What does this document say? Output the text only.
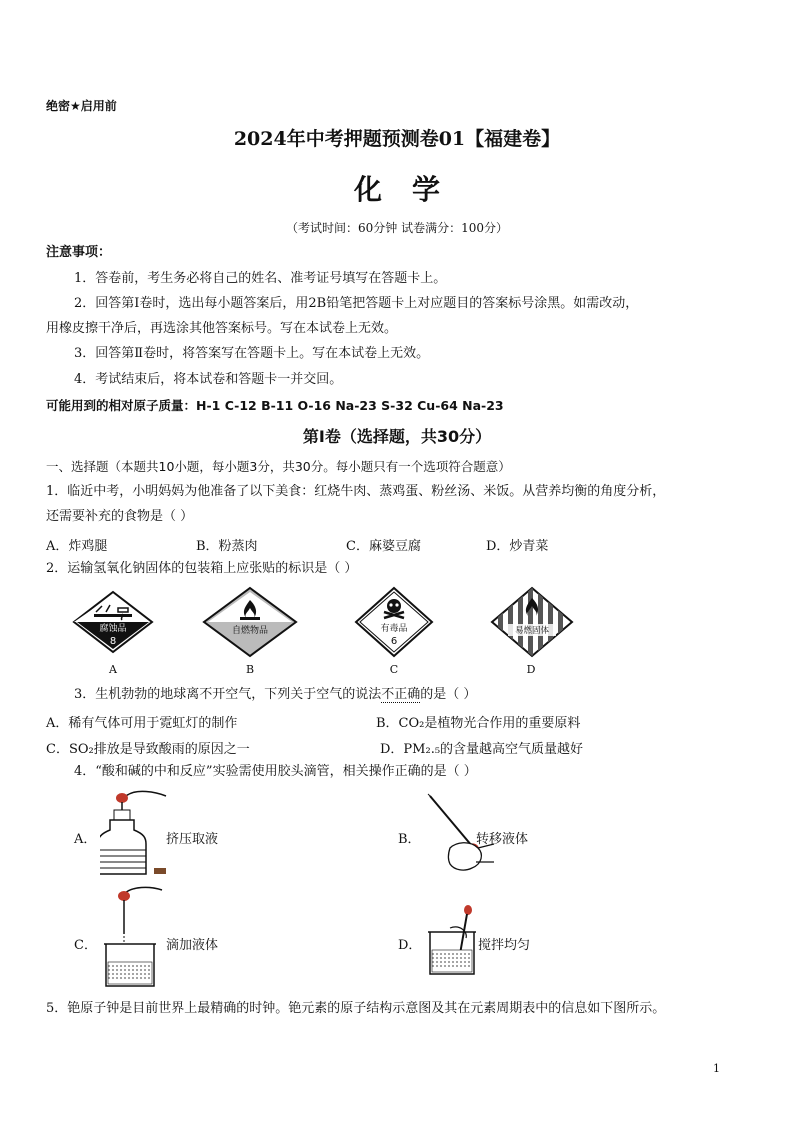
绝密★启用前
2024年中考押题预测卷01【福建卷】
化学
（考试时间：60分钟 试卷满分：100分）
注意事项：
1．答卷前，考生务必将自己的姓名、准考证号填写在答题卡上。
2．回答第Ⅰ卷时，选出每小题答案后，用2B铅笔把答题卡上对应题目的答案标号涂黑。如需改动，
用橡皮擦干净后，再选涂其他答案标号。写在本试卷上无效。
3．回答第Ⅱ卷时，将答案写在答题卡上。写在本试卷上无效。
4．考试结束后，将本试卷和答题卡一并交回。
可能用到的相对原子质量：H-1 C-12 B-11 O-16 Na-23 S-32 Cu-64 Na-23
第I卷（选择题，共30分）
一、选择题（本题共10小题，每小题3分，共30分。每小题只有一个选项符合题意）
1．临近中考，小明妈妈为他准备了以下美食：红烧牛肉、蒸鸡蛋、粉丝汤、米饭。从营养均衡的角度分析，
还需要补充的食物是（ ）
A．炸鸡腿	B．粉蒸肉	C．麻婆豆腐	D．炒青菜
2．运输氢氧化钠固体的包装箱上应张贴的标识是（ ）
腐蚀品
8
A
自燃物品
B
有毒品
6
C
易燃固体
D
3．生机勃勃的地球离不开空气，下列关于空气的说法不正确的是（ ）
A．稀有气体可用于霓虹灯的制作	B．CO₂是植物光合作用的重要原料
C．SO₂排放是导致酸雨的原因之一	D．PM₂.₅的含量越高空气质量越好
4．“酸和碱的中和反应”实验需使用胶头滴管，相关操作正确的是（ ）
A．	挤压取液	B．	转移液体
C．	滴加液体	D．	搅拌均匀
5．铯原子钟是目前世界上最精确的时钟。铯元素的原子结构示意图及其在元素周期表中的信息如下图所示。
1
